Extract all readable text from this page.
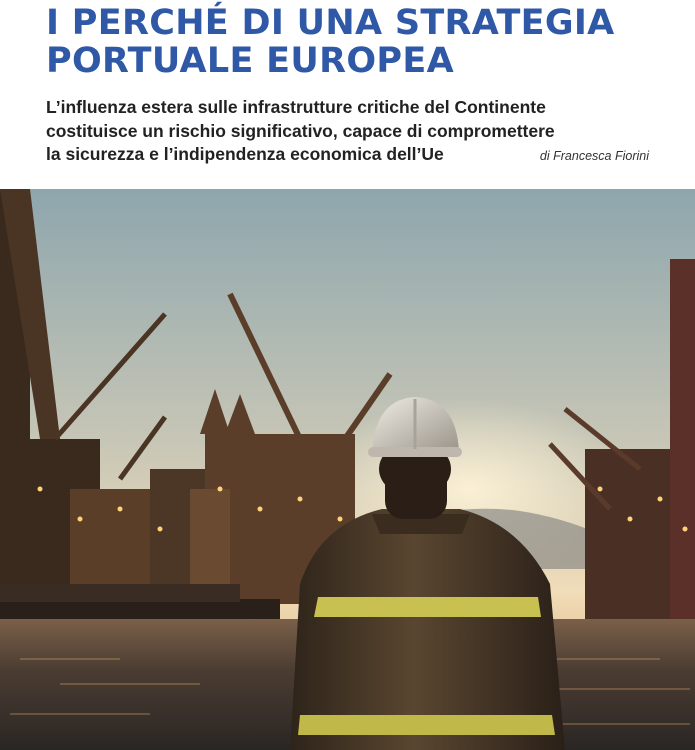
I PERCHÉ DI UNA STRATEGIA
PORTUALE EUROPEA
L’influenza estera sulle infrastrutture critiche del Continente
costituisce un rischio significativo, capace di compromettere
la sicurezza e l’indipendenza economica dell’Ue	di Francesca Fiorini
